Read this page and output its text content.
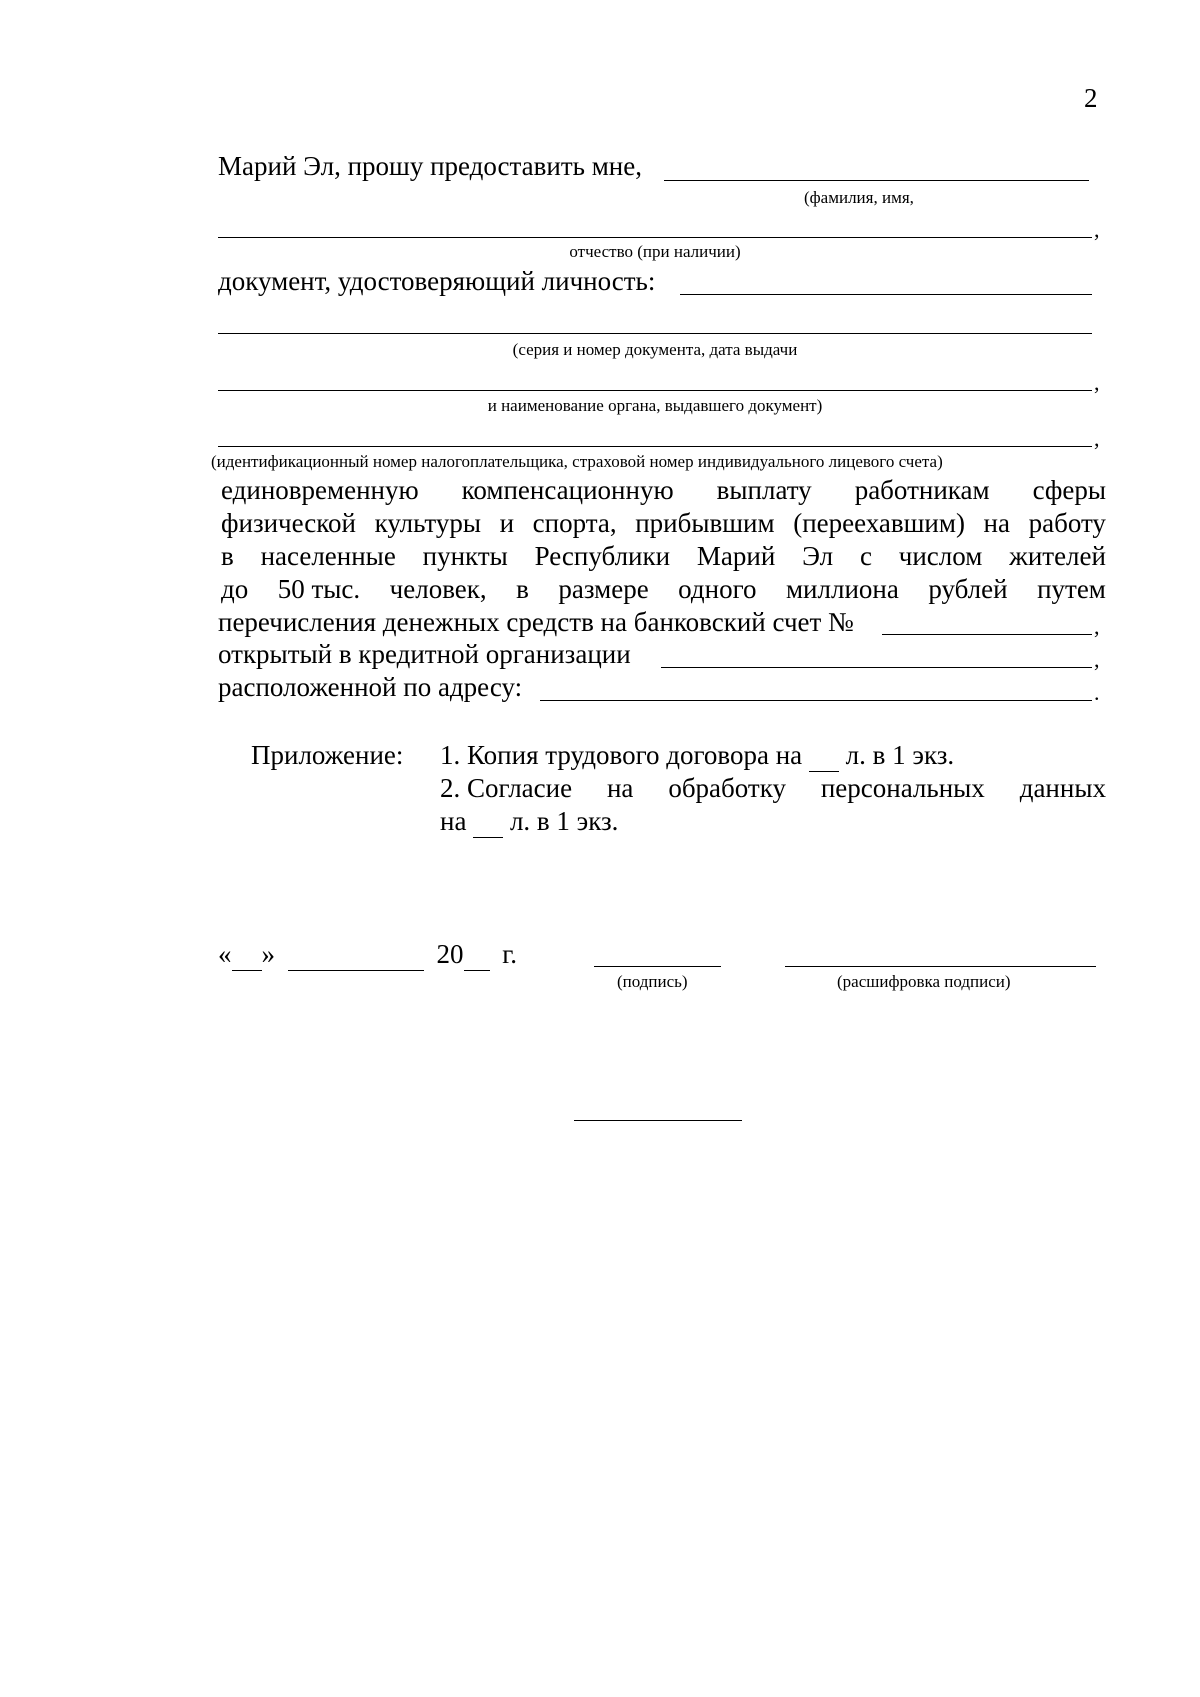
2
Марий Эл, прошу предоставить мне,
(фамилия, имя,
,
отчество (при наличии)
документ, удостоверяющий личность:
(серия и номер документа, дата выдачи
,
и наименование органа, выдавшего документ)
,
(идентификационный номер налогоплательщика, страховой номер индивидуального лицевого счета)
единовременную компенсационную выплату работникам сферы
физической культуры и спорта, прибывшим (переехавшим) на работу
в населенные пункты Республики Марий Эл с числом жителей
до 50 тыс. человек, в размере одного миллиона рублей путем
перечисления денежных средств на банковский счет №	,
открытый в кредитной организации	,
расположенной по адресу:	.
Приложение: 1. Копия трудового договора на л. в 1 экз.
2. Согласие на обработку персональных данных
на л. в 1 экз.
« »	20 г.
(подпись)	(расшифровка подписи)
